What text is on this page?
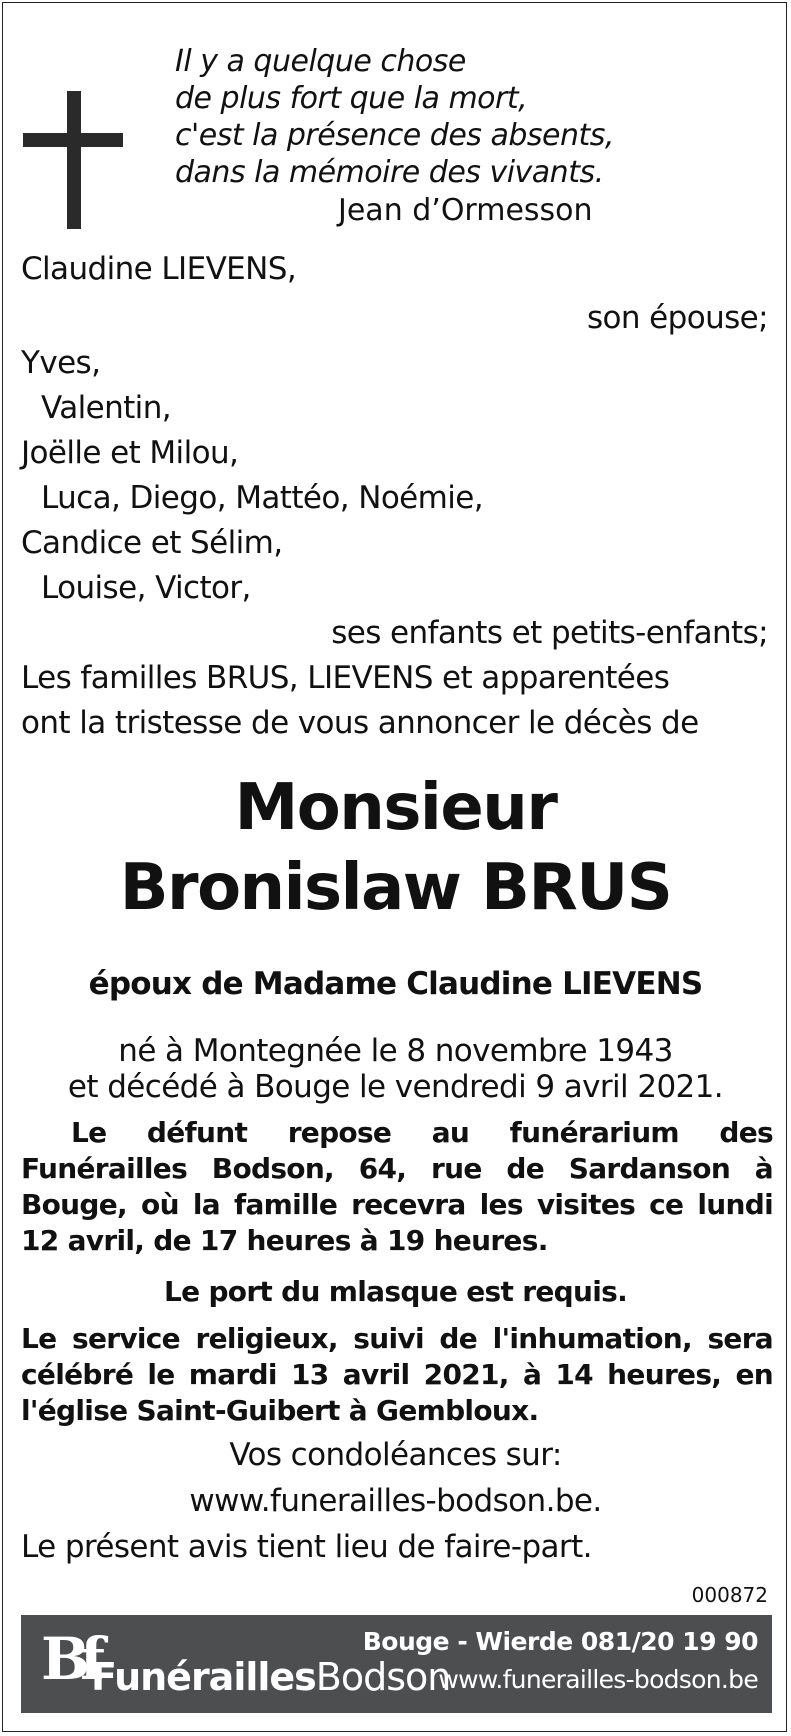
Il y a quelque chose
de plus fort que la mort,
c'est la présence des absents,
dans la mémoire des vivants.
Jean d’Ormesson
Claudine LIEVENS,
son épouse;
Yves,
Valentin,
Joëlle et Milou,
Luca, Diego, Mattéo, Noémie,
Candice et Sélim,
Louise, Victor,
ses enfants et petits-enfants;
Les familles BRUS, LIEVENS et apparentées
ont la tristesse de vous annoncer le décès de
Monsieur
Bronislaw BRUS
époux de Madame Claudine LIEVENS
né à Montegnée le 8 novembre 1943
et décédé à Bouge le vendredi 9 avril 2021.
Le défunt repose au funérarium des Funérailles Bodson, 64, rue de Sardanson à Bouge, où la famille recevra les visites ce lundi 12 avril, de 17 heures à 19 heures.
Le port du mlasque est requis.
Le service religieux, suivi de l'inhumation, sera célébré le mardi 13 avril 2021, à 14 heures, en l'église Saint-Guibert à Gembloux.
Vos condoléances sur:
www.funerailles-bodson.be.
Le présent avis tient lieu de faire-part.
000872
Bf
FunéraillesBodson
Bouge - Wierde 081/20 19 90
www.funerailles-bodson.be
